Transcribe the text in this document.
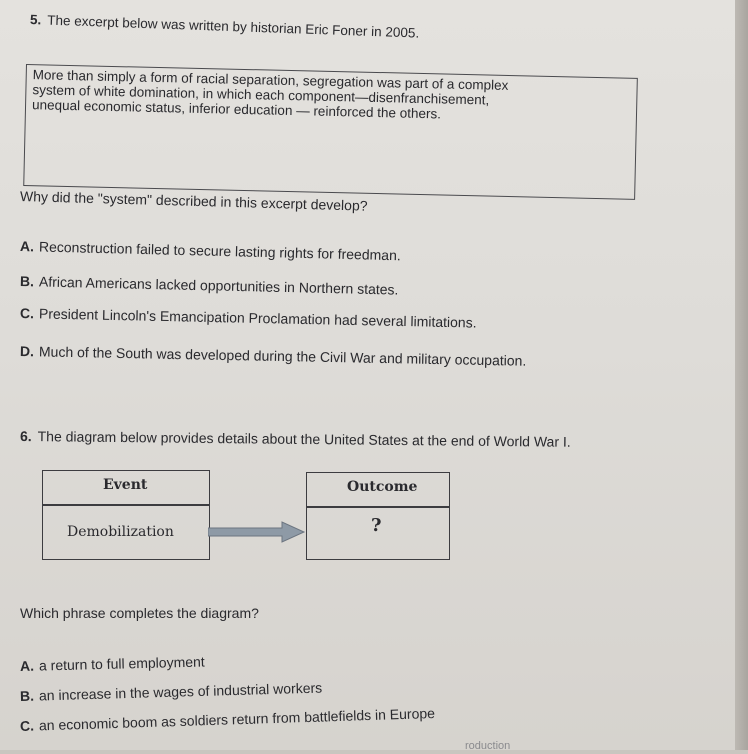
5. The excerpt below was written by historian Eric Foner in 2005.
More than simply a form of racial separation, segregation was part of a complex system of white domination, in which each component—disenfranchisement, unequal economic status, inferior education — reinforced the others.
Why did the "system" described in this excerpt develop?
A. Reconstruction failed to secure lasting rights for freedman.
B. African Americans lacked opportunities in Northern states.
C. President Lincoln's Emancipation Proclamation had several limitations.
D. Much of the South was developed during the Civil War and military occupation.
6. The diagram below provides details about the United States at the end of World War I.
Event
Demobilization
Outcome
?
Which phrase completes the diagram?
A. a return to full employment
B. an increase in the wages of industrial workers
C. an economic boom as soldiers return from battlefields in Europe
roduction
